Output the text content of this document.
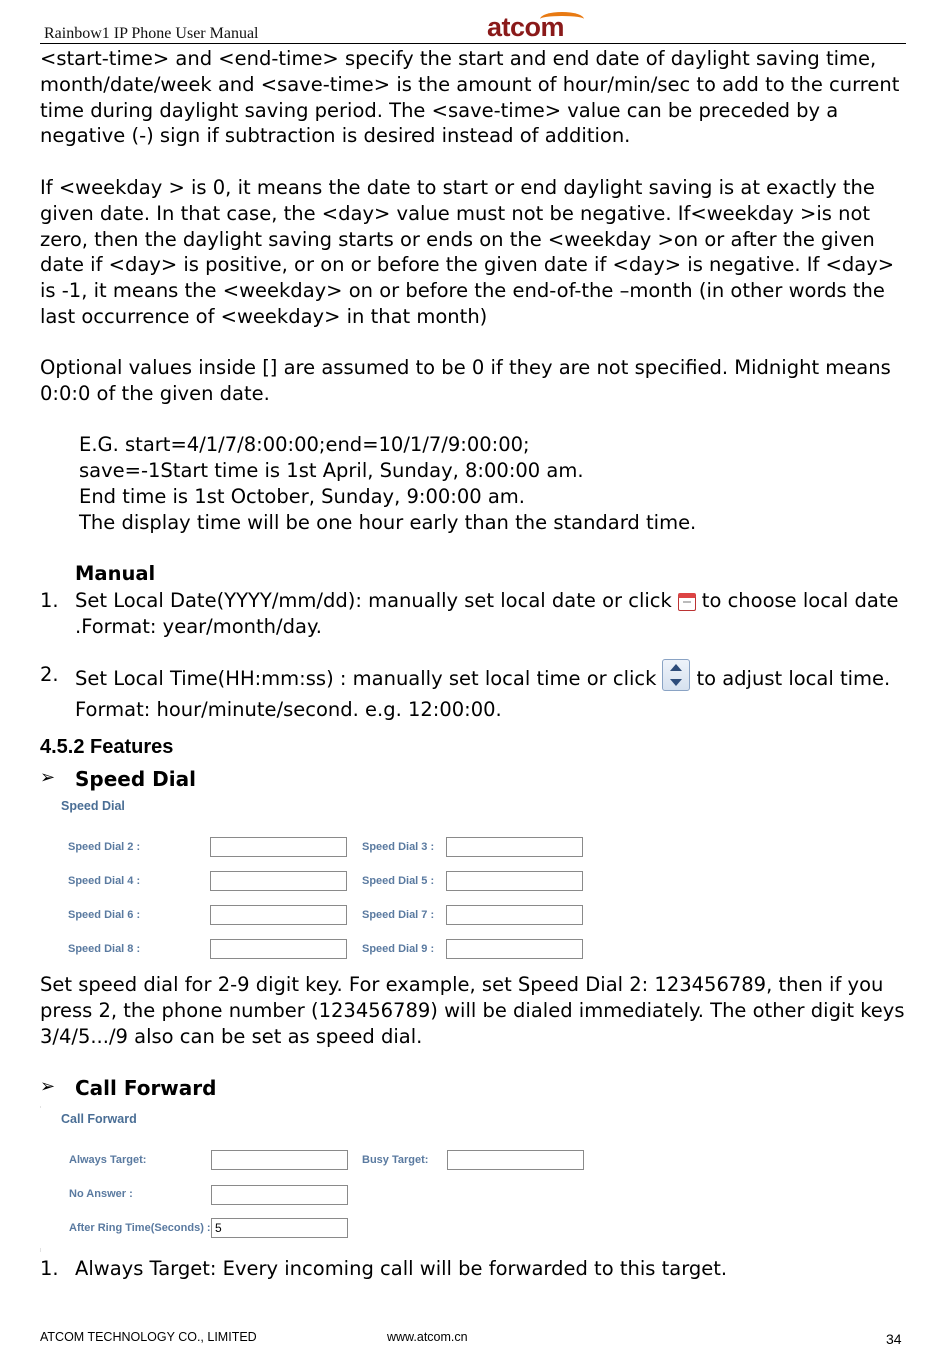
Rainbow1 IP Phone User Manual	atcom

<start-time> and <end-time> specify the start and end date of daylight saving time, month/date/week and <save-time> is the amount of hour/min/sec to add to the current time during daylight saving period. The <save-time> value can be preceded by a negative (-) sign if subtraction is desired instead of addition.

If <weekday > is 0, it means the date to start or end daylight saving is at exactly the given date. In that case, the <day> value must not be negative. If<weekday >is not zero, then the daylight saving starts or ends on the <weekday >on or after the given date if <day> is positive, or on or before the given date if <day> is negative. If <day> is -1, it means the <weekday> on or before the end-of-the –month (in other words the last occurrence of <weekday> in that month)

Optional values inside [] are assumed to be 0 if they are not specified. Midnight means 0:0:0 of the given date.

E.G. start=4/1/7/8:00:00;end=10/1/7/9:00:00;
save=-1Start time is 1st April, Sunday, 8:00:00 am.
End time is 1st October, Sunday, 9:00:00 am.
The display time will be one hour early than the standard time.
Manual
1. Set Local Date(YYYY/mm/dd): manually set local date or click to choose local date .Format: year/month/day.
2. Set Local Time(HH:mm:ss) : manually set local time or click to adjust local time. Format: hour/minute/second. e.g. 12:00:00.
4.5.2 Features
➢ Speed Dial
Speed Dial
Speed Dial 2 :	Speed Dial 3 :
Speed Dial 4 :	Speed Dial 5 :
Speed Dial 6 :	Speed Dial 7 :
Speed Dial 8 :	Speed Dial 9 :

Set speed dial for 2-9 digit key. For example, set Speed Dial 2: 123456789, then if you press 2, the phone number (123456789) will be dialed immediately. The other digit keys 3/4/5.../9 also can be set as speed dial.

➢ Call Forward
Call Forward
Always Target:	Busy Target:
No Answer :
After Ring Time(Seconds) :
5
1. Always Target: Every incoming call will be forwarded to this target.
ATCOM TECHNOLOGY CO., LIMITED	www.atcom.cn	34
